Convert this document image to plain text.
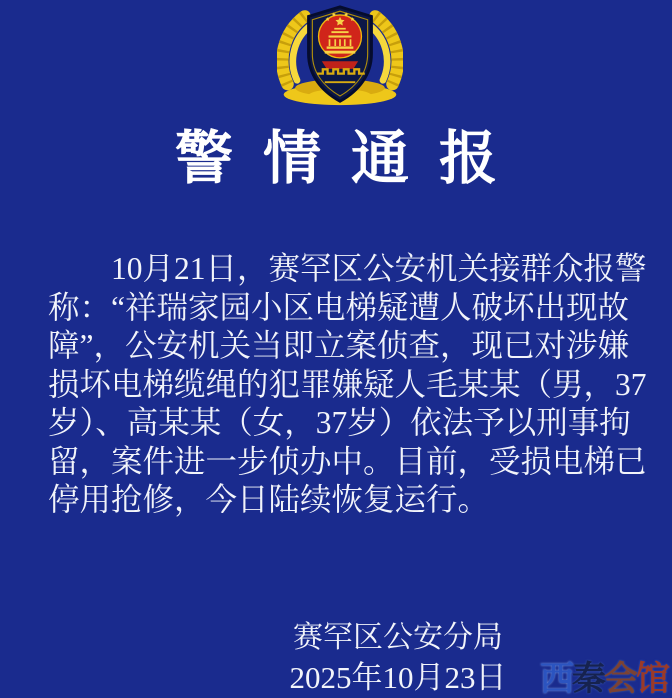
警情通报
10月21日，赛罕区公安机关接群众报警
称：“祥瑞家园小区电梯疑遭人破坏出现故
障”，公安机关当即立案侦查，现已对涉嫌
损坏电梯缆绳的犯罪嫌疑人毛某某（男，37
岁）、高某某（女，37岁）依法予以刑事拘
留，案件进一步侦办中。目前，受损电梯已
停用抢修，今日陆续恢复运行。
赛罕区公安分局
2025年10月23日 西秦会馆
